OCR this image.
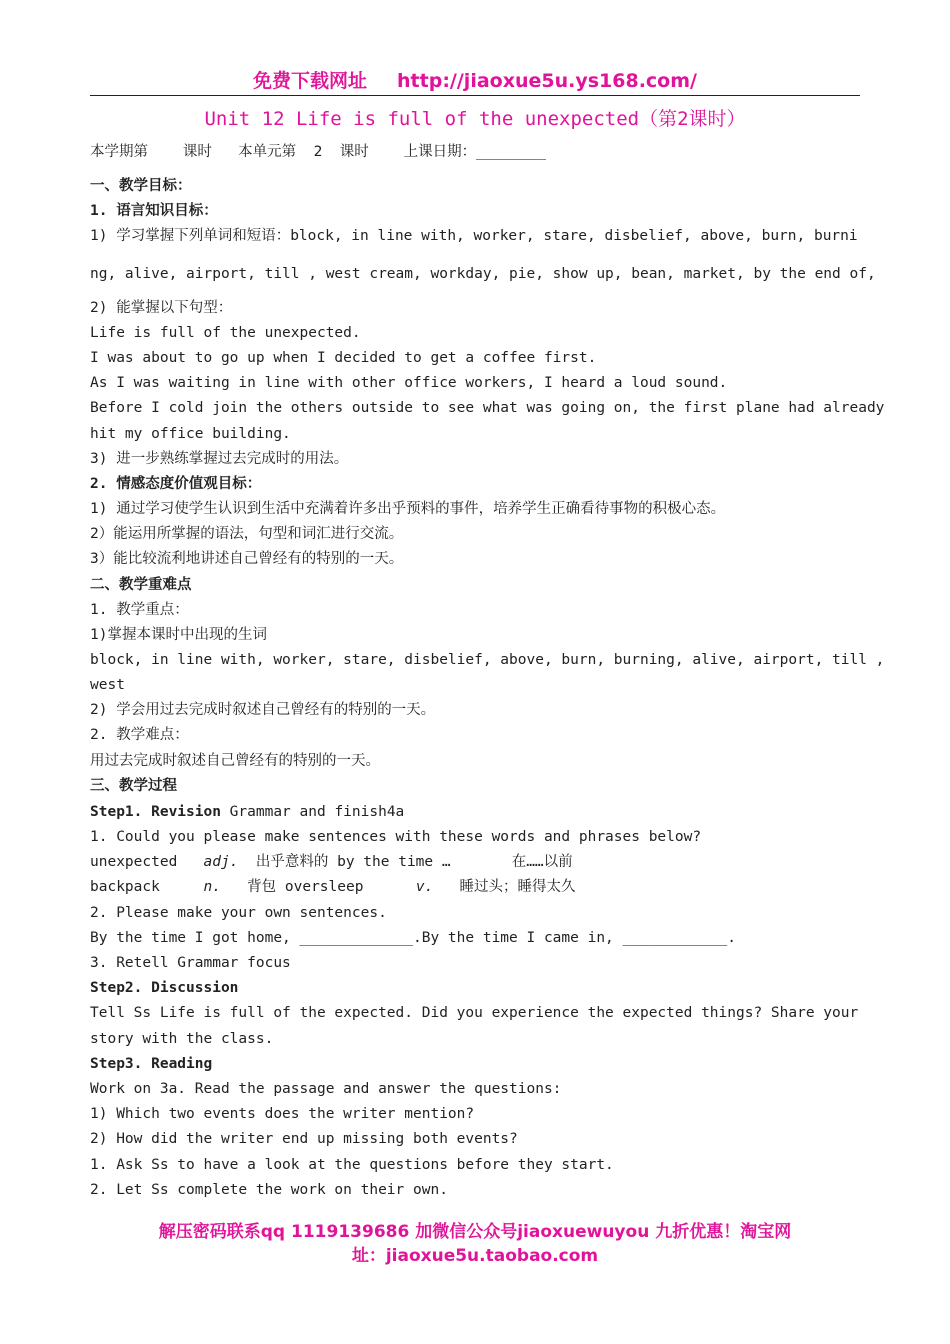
免费下载网址 http://jiaoxue5u.ys168.com/
Unit 12 Life is full of the unexpected（第2课时）
本学期第    课时   本单元第  2  课时    上课日期：________
一、教学目标：
1. 语言知识目标：
1) 学习掌握下列单词和短语：block, in line with, worker, stare, disbelief, above, burn, burni
ng, alive, airport, till , west cream, workday, pie, show up, bean, market, by the end of,
2) 能掌握以下句型：
Life is full of the unexpected.
I was about to go up when I decided to get a coffee first.
As I was waiting in line with other office workers, I heard a loud sound.
Before I cold join the others outside to see what was going on, the first plane had already
hit my office building.
3) 进一步熟练掌握过去完成时的用法。
2. 情感态度价值观目标：
1) 通过学习使学生认识到生活中充满着许多出乎预料的事件，培养学生正确看待事物的积极心态。
2）能运用所掌握的语法，句型和词汇进行交流。
3）能比较流利地讲述自己曾经有的特别的一天。
二、教学重难点
1. 教学重点：
1)掌握本课时中出现的生词
block, in line with, worker, stare, disbelief, above, burn, burning, alive, airport, till ,
west
2) 学会用过去完成时叙述自己曾经有的特别的一天。
2. 教学难点：
用过去完成时叙述自己曾经有的特别的一天。
三、教学过程
Step1. Revision Grammar and finish4a
1. Could you please make sentences with these words and phrases below?
unexpected   adj.  出乎意料的 by the time …       在……以前
backpack     n.   背包 oversleep      v.   睡过头；睡得太久
2. Please make your own sentences.
By the time I got home, _____________.By the time I came in, ____________.
3. Retell Grammar focus
Step2. Discussion
Tell Ss Life is full of the expected. Did you experience the expected things? Share your
story with the class.
Step3. Reading
Work on 3a. Read the passage and answer the questions:
1) Which two events does the writer mention?
2) How did the writer end up missing both events?
1. Ask Ss to have a look at the questions before they start.
2. Let Ss complete the work on their own.
解压密码联系qq 1119139686 加微信公众号jiaoxuewuyou 九折优惠！淘宝网
址：jiaoxue5u.taobao.com
